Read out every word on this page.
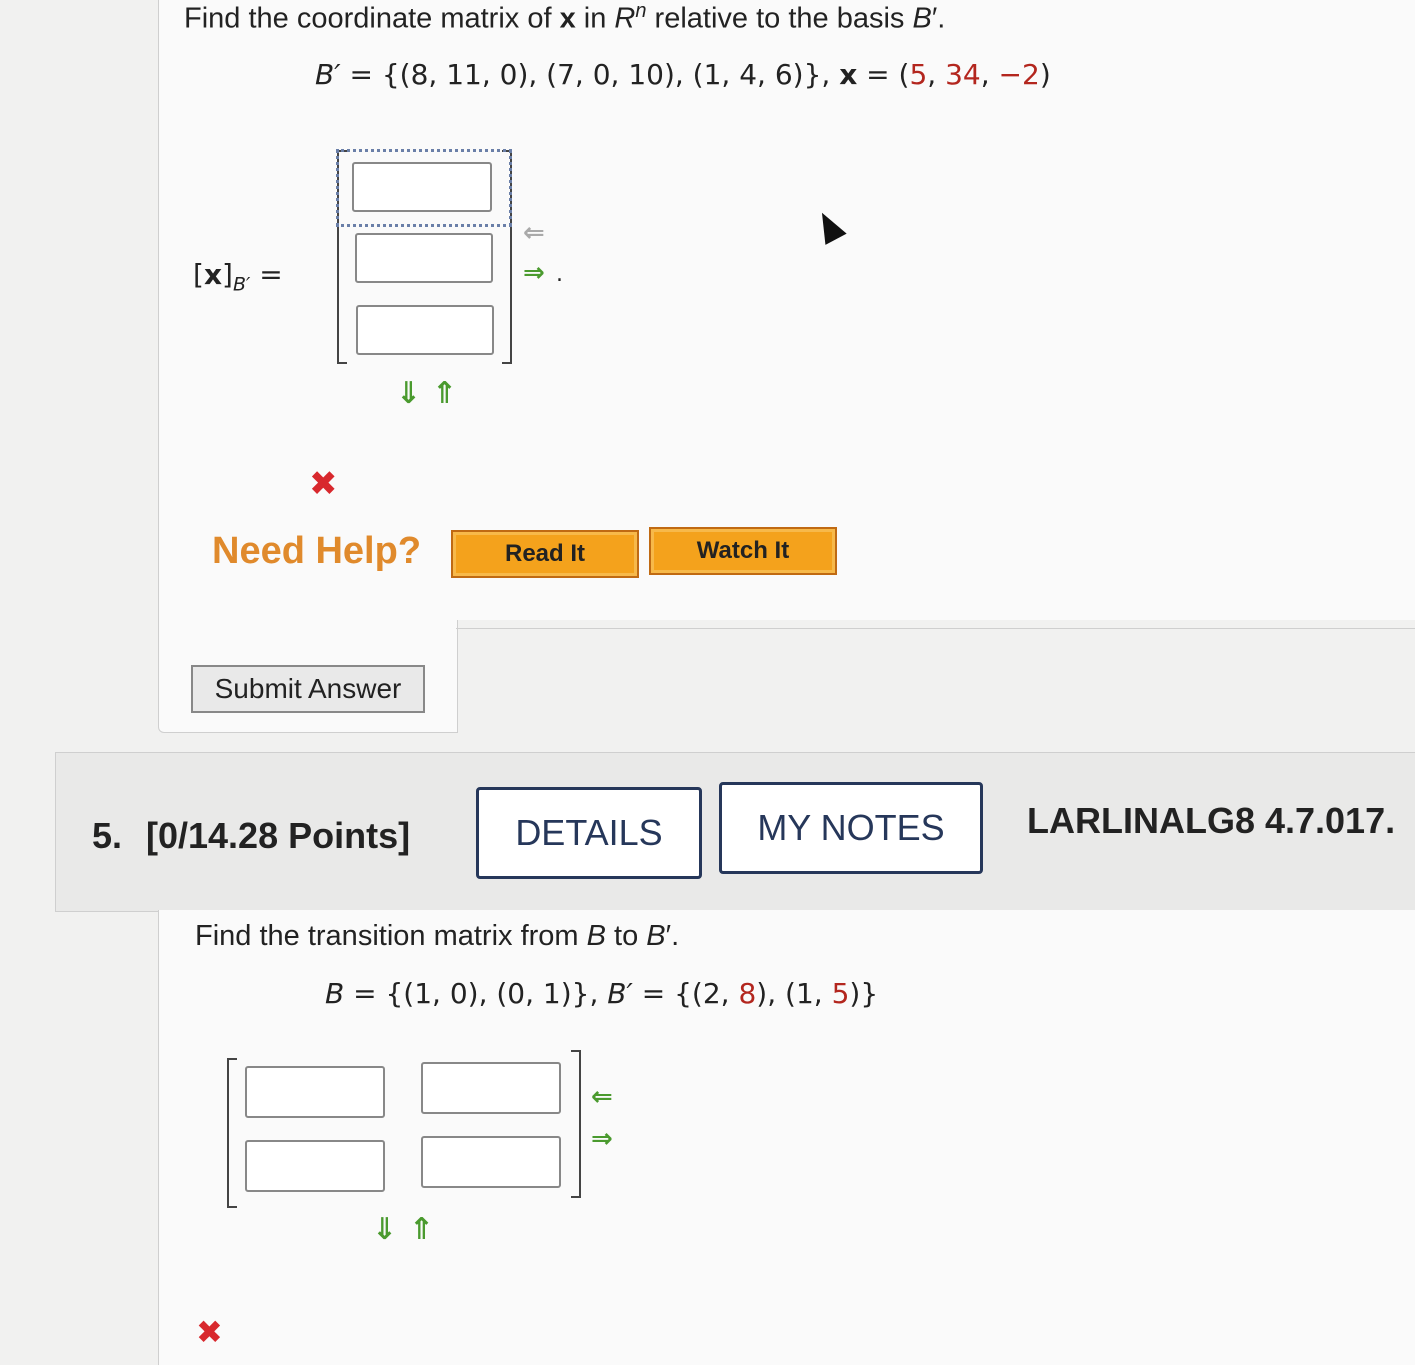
Find the coordinate matrix of x in $R^n$ relative to the basis B′.
B′ = {(8, 11, 0), (7, 0, 10), (1, 4, 6)}, x = (5, 34, −2)
$[x]_{B'}$ =
⇐
⇒ .
⇓ ⇑
✖
Need Help?	Read It	Watch It
Submit Answer
5. [0/14.28 Points]	DETAILS	MY NOTES	LARLINALG8 4.7.017.
Find the transition matrix from B to B′.
B = {(1, 0), (0, 1)}, B′ = {(2, 8), (1, 5)}
⇐
⇒
⇓ ⇑
✖
